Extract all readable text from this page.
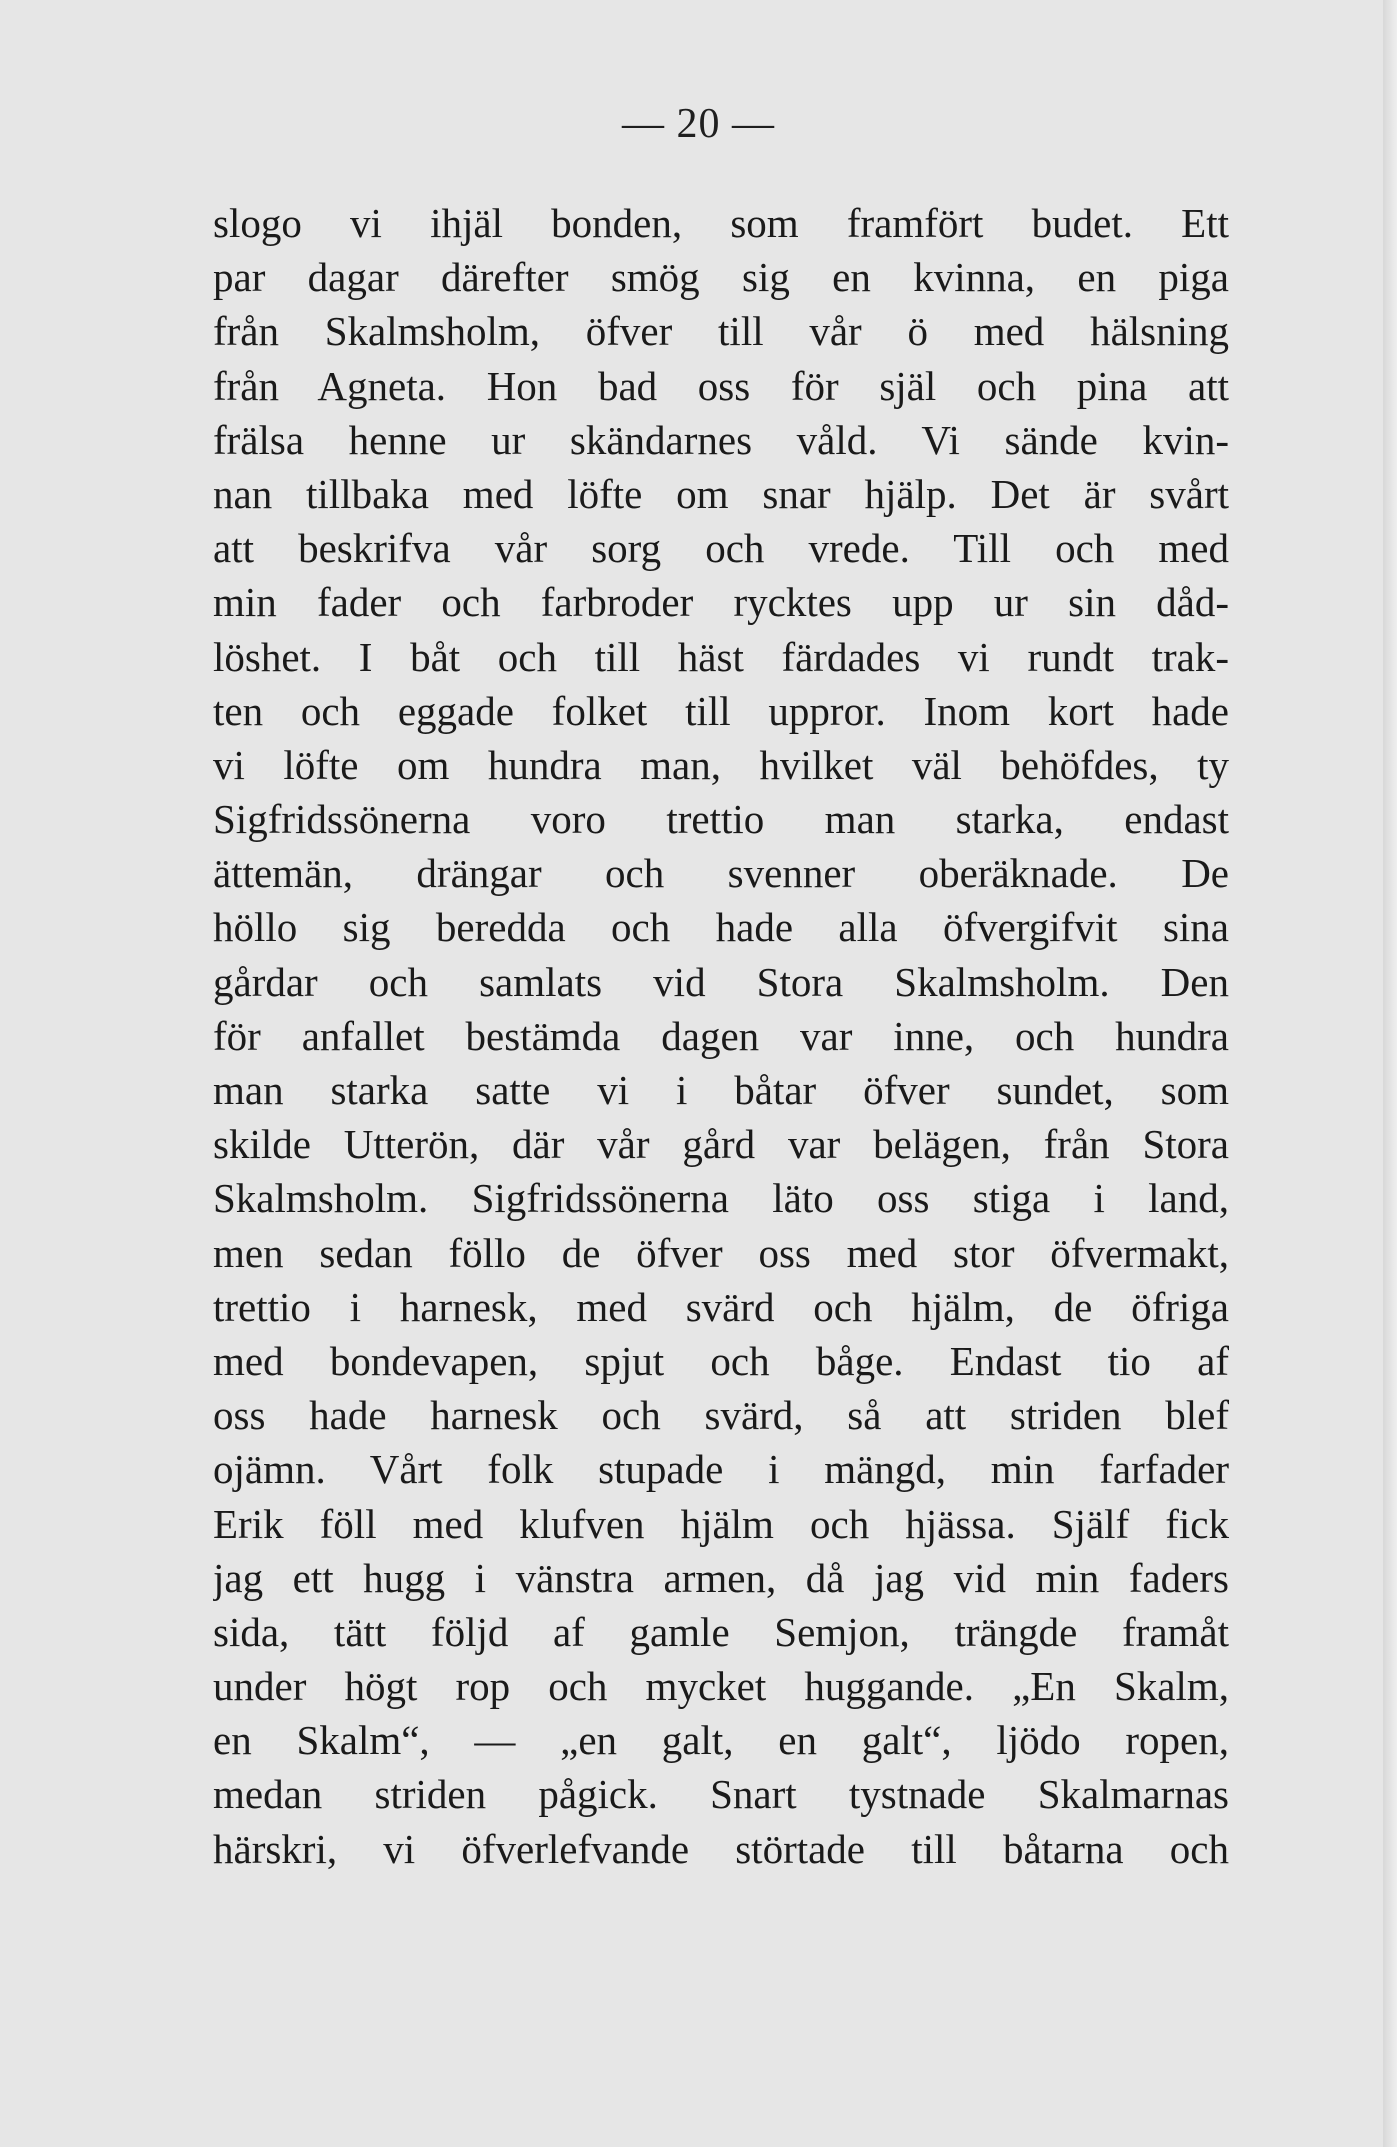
— 20 —
slogo vi ihjäl bonden, som framfört budet. Ett
par dagar därefter smög sig en kvinna, en piga
från Skalmsholm, öfver till vår ö med hälsning
från Agneta. Hon bad oss för själ och pina att
frälsa henne ur skändarnes våld. Vi sände kvin-
nan tillbaka med löfte om snar hjälp. Det är svårt
att beskrifva vår sorg och vrede. Till och med
min fader och farbroder rycktes upp ur sin dåd-
löshet. I båt och till häst färdades vi rundt trak-
ten och eggade folket till uppror. Inom kort hade
vi löfte om hundra man, hvilket väl behöfdes, ty
Sigfridssönerna voro trettio man starka, endast
ättemän, drängar och svenner oberäknade. De
höllo sig beredda och hade alla öfvergifvit sina
gårdar och samlats vid Stora Skalmsholm. Den
för anfallet bestämda dagen var inne, och hundra
man starka satte vi i båtar öfver sundet, som
skilde Utterön, där vår gård var belägen, från Stora
Skalmsholm. Sigfridssönerna läto oss stiga i land,
men sedan föllo de öfver oss med stor öfvermakt,
trettio i harnesk, med svärd och hjälm, de öfriga
med bondevapen, spjut och båge. Endast tio af
oss hade harnesk och svärd, så att striden blef
ojämn. Vårt folk stupade i mängd, min farfader
Erik föll med klufven hjälm och hjässa. Själf fick
jag ett hugg i vänstra armen, då jag vid min faders
sida, tätt följd af gamle Semjon, trängde framåt
under högt rop och mycket huggande. „En Skalm,
en Skalm“, — „en galt, en galt“, ljödo ropen,
medan striden pågick. Snart tystnade Skalmarnas
härskri, vi öfverlefvande störtade till båtarna och
